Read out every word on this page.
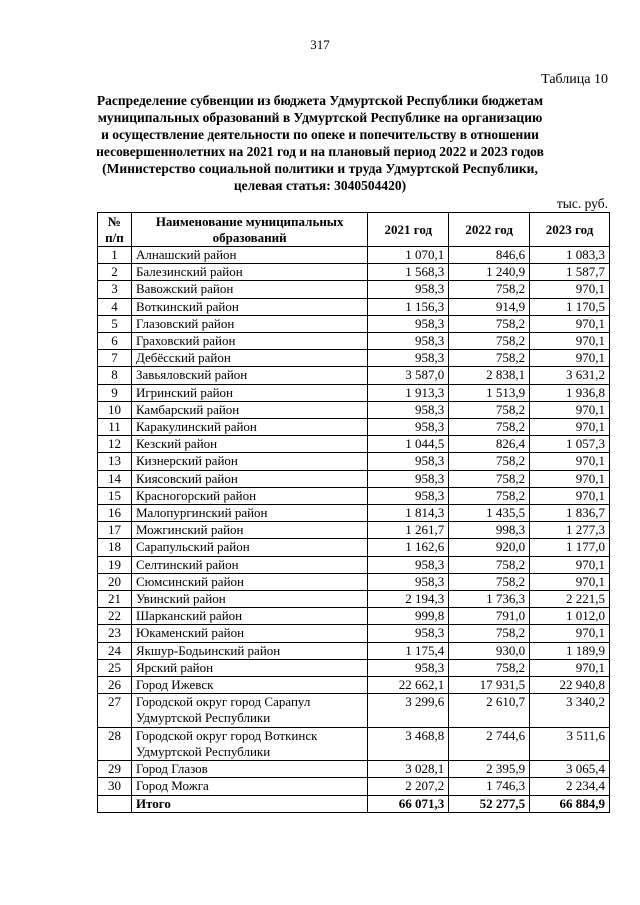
317
Таблица 10
Распределение субвенции из бюджета Удмуртской Республики бюджетам
муниципальных образований в Удмуртской Республике на организацию
и осуществление деятельности по опеке и попечительству в отношении
несовершеннолетних на 2021 год и на плановый период 2022 и 2023 годов
(Министерство социальной политики и труда Удмуртской Республики,
целевая статья: 3040504420)
тыс. руб.
№ п/п	Наименование муниципальных образований	2021 год	2022 год	2023 год
1	Алнашский район	1 070,1	846,6	1 083,3
2	Балезинский район	1 568,3	1 240,9	1 587,7
3	Вавожский район	958,3	758,2	970,1
4	Воткинский район	1 156,3	914,9	1 170,5
5	Глазовский район	958,3	758,2	970,1
6	Граховский район	958,3	758,2	970,1
7	Дебёсский район	958,3	758,2	970,1
8	Завьяловский район	3 587,0	2 838,1	3 631,2
9	Игринский район	1 913,3	1 513,9	1 936,8
10	Камбарский район	958,3	758,2	970,1
11	Каракулинский район	958,3	758,2	970,1
12	Кезский район	1 044,5	826,4	1 057,3
13	Кизнерский район	958,3	758,2	970,1
14	Киясовский район	958,3	758,2	970,1
15	Красногорский район	958,3	758,2	970,1
16	Малопургинский район	1 814,3	1 435,5	1 836,7
17	Можгинский район	1 261,7	998,3	1 277,3
18	Сарапульский район	1 162,6	920,0	1 177,0
19	Селтинский район	958,3	758,2	970,1
20	Сюмсинский район	958,3	758,2	970,1
21	Увинский район	2 194,3	1 736,3	2 221,5
22	Шарканский район	999,8	791,0	1 012,0
23	Юкаменский район	958,3	758,2	970,1
24	Якшур-Бодьинский район	1 175,4	930,0	1 189,9
25	Ярский район	958,3	758,2	970,1
26	Город Ижевск	22 662,1	17 931,5	22 940,8
27	Городской округ город Сарапул Удмуртской Республики	3 299,6	2 610,7	3 340,2
28	Городской округ город Воткинск Удмуртской Республики	3 468,8	2 744,6	3 511,6
29	Город Глазов	3 028,1	2 395,9	3 065,4
30	Город Можга	2 207,2	1 746,3	2 234,4
	Итого	66 071,3	52 277,5	66 884,9
